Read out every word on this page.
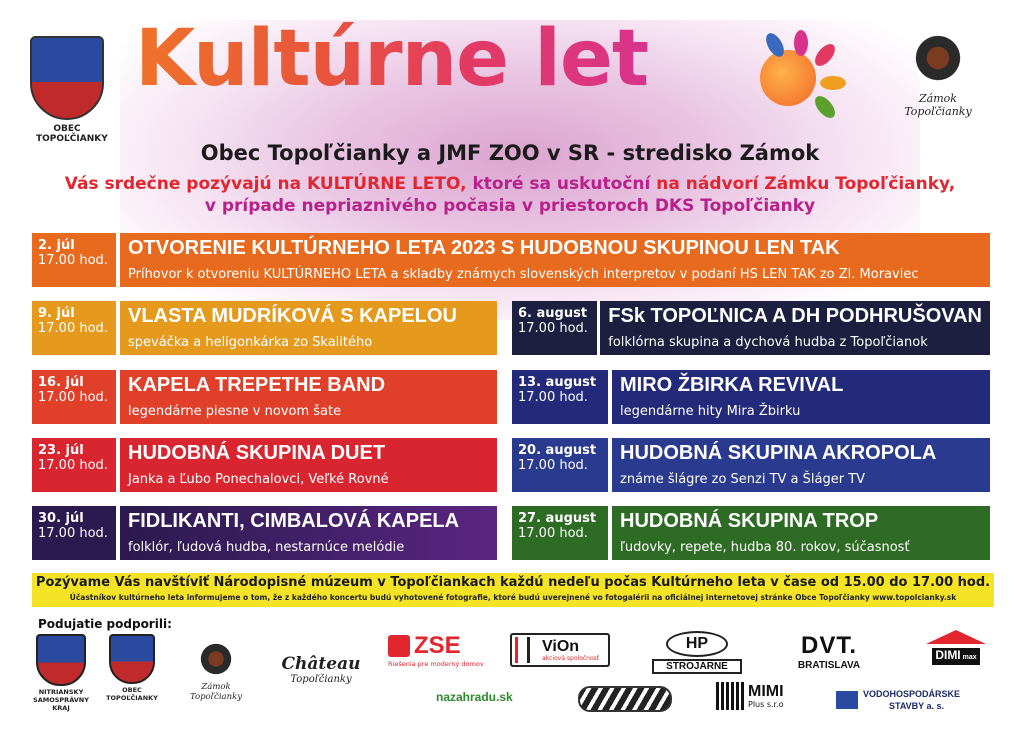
OBEC TOPOĽČIANKY
Kultúrne let	Zámok Topoľčianky
Obec Topoľčianky a JMF ZOO v SR - stredisko Zámok
Vás srdečne pozývajú na KULTÚRNE LETO, ktoré sa uskutoční na nádvorí Zámku Topoľčianky,
v prípade nepriaznivého počasia v priestoroch DKS Topoľčianky
2. júl
17.00 hod.
OTVORENIE KULTÚRNEHO LETA 2023 S HUDOBNOU SKUPINOU LEN TAK
Príhovor k otvoreniu KULTÚRNEHO LETA a skladby známych slovenských interpretov v podaní HS LEN TAK zo Zl. Moraviec
9. júl
17.00 hod.
VLASTA MUDRÍKOVÁ S KAPELOU
speváčka a heligonkárka zo Skalitého
16. júl
17.00 hod.
KAPELA TREPETHE BAND
legendárne piesne v novom šate
23. júl
17.00 hod.
HUDOBNÁ SKUPINA DUET
Janka a Ľubo Ponechalovci, Veľké Rovné
30. júl
17.00 hod.
FIDLIKANTI, CIMBALOVÁ KAPELA
folklór, ľudová hudba, nestarnúce melódie
6. august
17.00 hod.
FSk TOPOĽNICA A DH PODHRUŠOVAN
folklórna skupina a dychová hudba z Topoľčianok
13. august
17.00 hod.
MIRO ŽBIRKA REVIVAL
legendárne hity Mira Žbirku
20. august
17.00 hod.
HUDOBNÁ SKUPINA AKROPOLA
známe šlágre zo Senzi TV a Šláger TV
27. august
17.00 hod.
HUDOBNÁ SKUPINA TROP
ľudovky, repete, hudba 80. rokov, súčasnosť
Pozývame Vás navštíviť Národopisné múzeum v Topoľčiankach každú nedeľu počas Kultúrneho leta v čase od 15.00 do 17.00 hod.
Účastníkov kultúrneho leta informujeme o tom, že z každého koncertu budú vyhotovené fotografie, ktoré budú uverejnené vo fotogalérii na oficiálnej internetovej stránke Obce Topoľčianky www.topolcianky.sk
Podujatie podporili:
NITRIANSKY SAMOSPRÁVNY KRAJ
OBEC TOPOĽČIANKY
Zámok Topoľčianky
Château
Topoľčianky
ZSE
Riešenia pre moderný domov
ViOn
akciová spoločnosť
HP
STROJÁRNE
DVT.
BRATISLAVA
DIMI max
nazahradu.sk	MIMI
Plus s.r.o
VODOHOSPODÁRSKE
STAVBY a. s.
